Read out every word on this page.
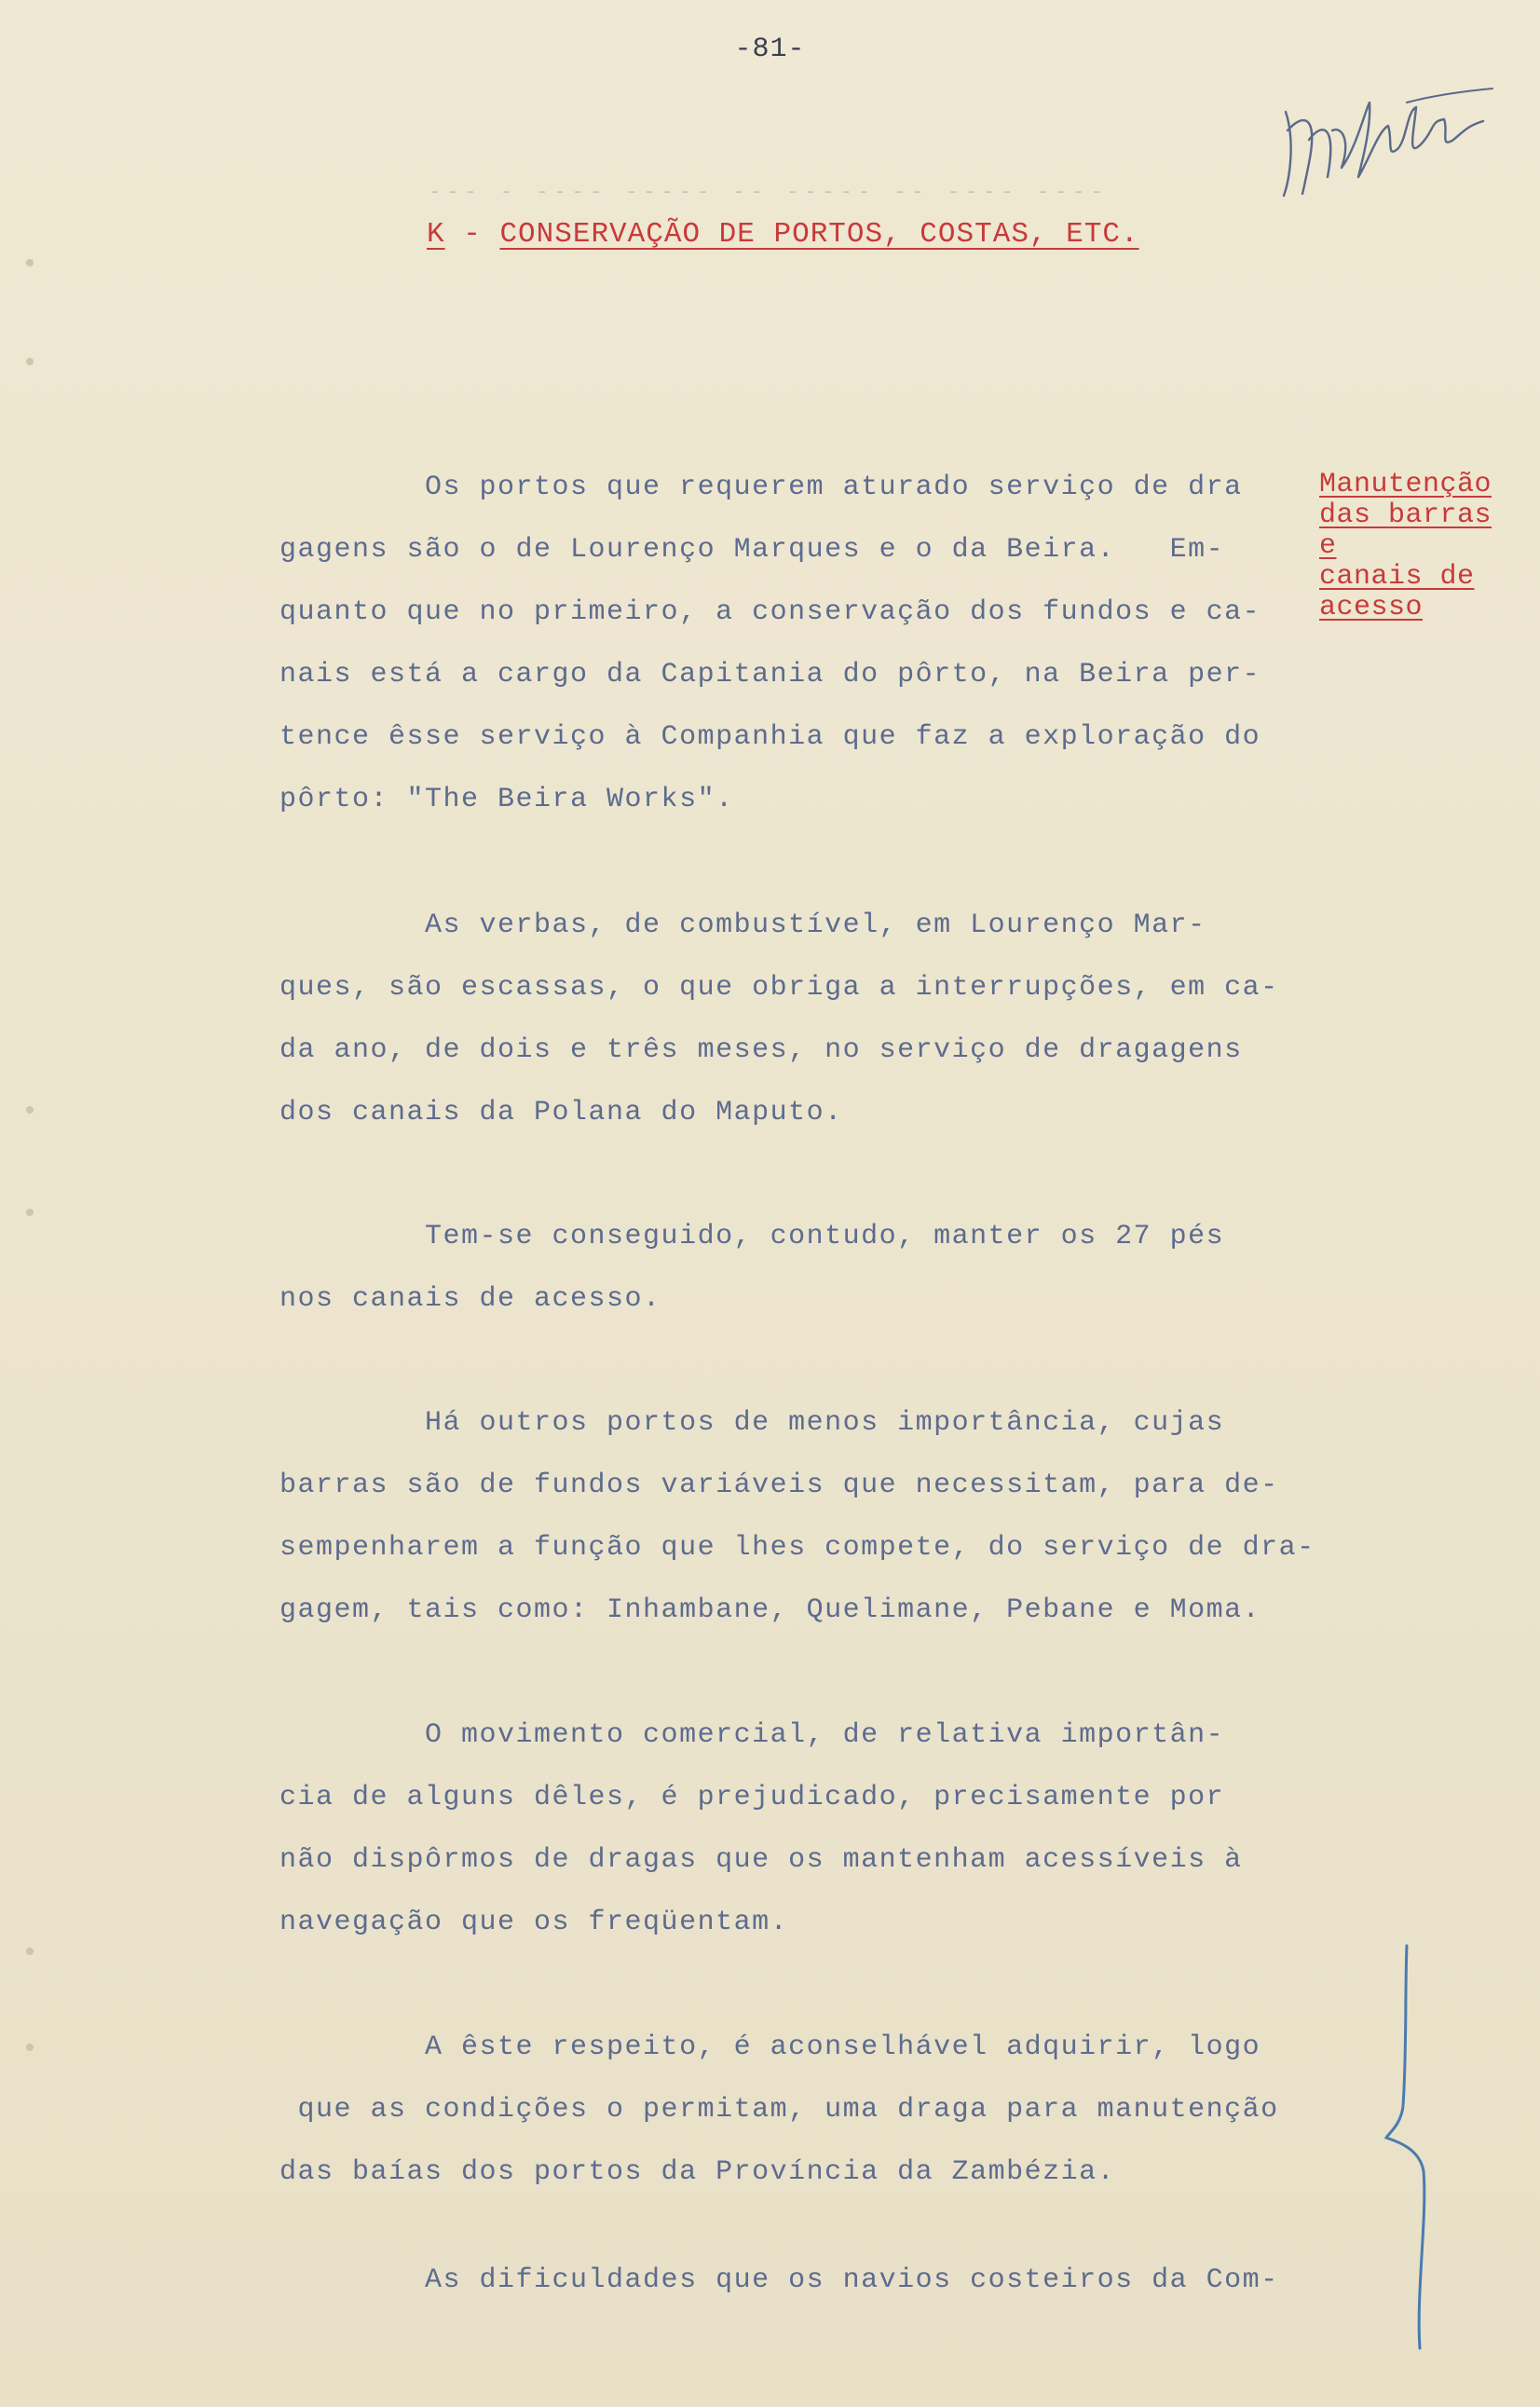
-81-
--- - ---- ----- -- ----- -- ---- ----
K - CONSERVAÇÃO DE PORTOS, COSTAS, ETC.
Manutenção
das barras
e
canais de
acesso
Os portos que requerem aturado serviço de dra
gagens são o de Lourenço Marques e o da Beira.   Em-
quanto que no primeiro, a conservação dos fundos e ca-
nais está a cargo da Capitania do pôrto, na Beira per-
tence êsse serviço à Companhia que faz a exploração do
pôrto: "The Beira Works".
As verbas, de combustível, em Lourenço Mar-
ques, são escassas, o que obriga a interrupções, em ca-
da ano, de dois e três meses, no serviço de dragagens
dos canais da Polana do Maputo.
Tem-se conseguido, contudo, manter os 27 pés
nos canais de acesso.
Há outros portos de menos importância, cujas
barras são de fundos variáveis que necessitam, para de-
sempenharem a função que lhes compete, do serviço de dra-
gagem, tais como: Inhambane, Quelimane, Pebane e Moma.
O movimento comercial, de relativa importân-
cia de alguns dêles, é prejudicado, precisamente por
não dispôrmos de dragas que os mantenham acessíveis à
navegação que os freqüentam.
A êste respeito, é aconselhável adquirir, logo
que as condições o permitam, uma draga para manutenção
das baías dos portos da Província da Zambézia.
As dificuldades que os navios costeiros da Com-
